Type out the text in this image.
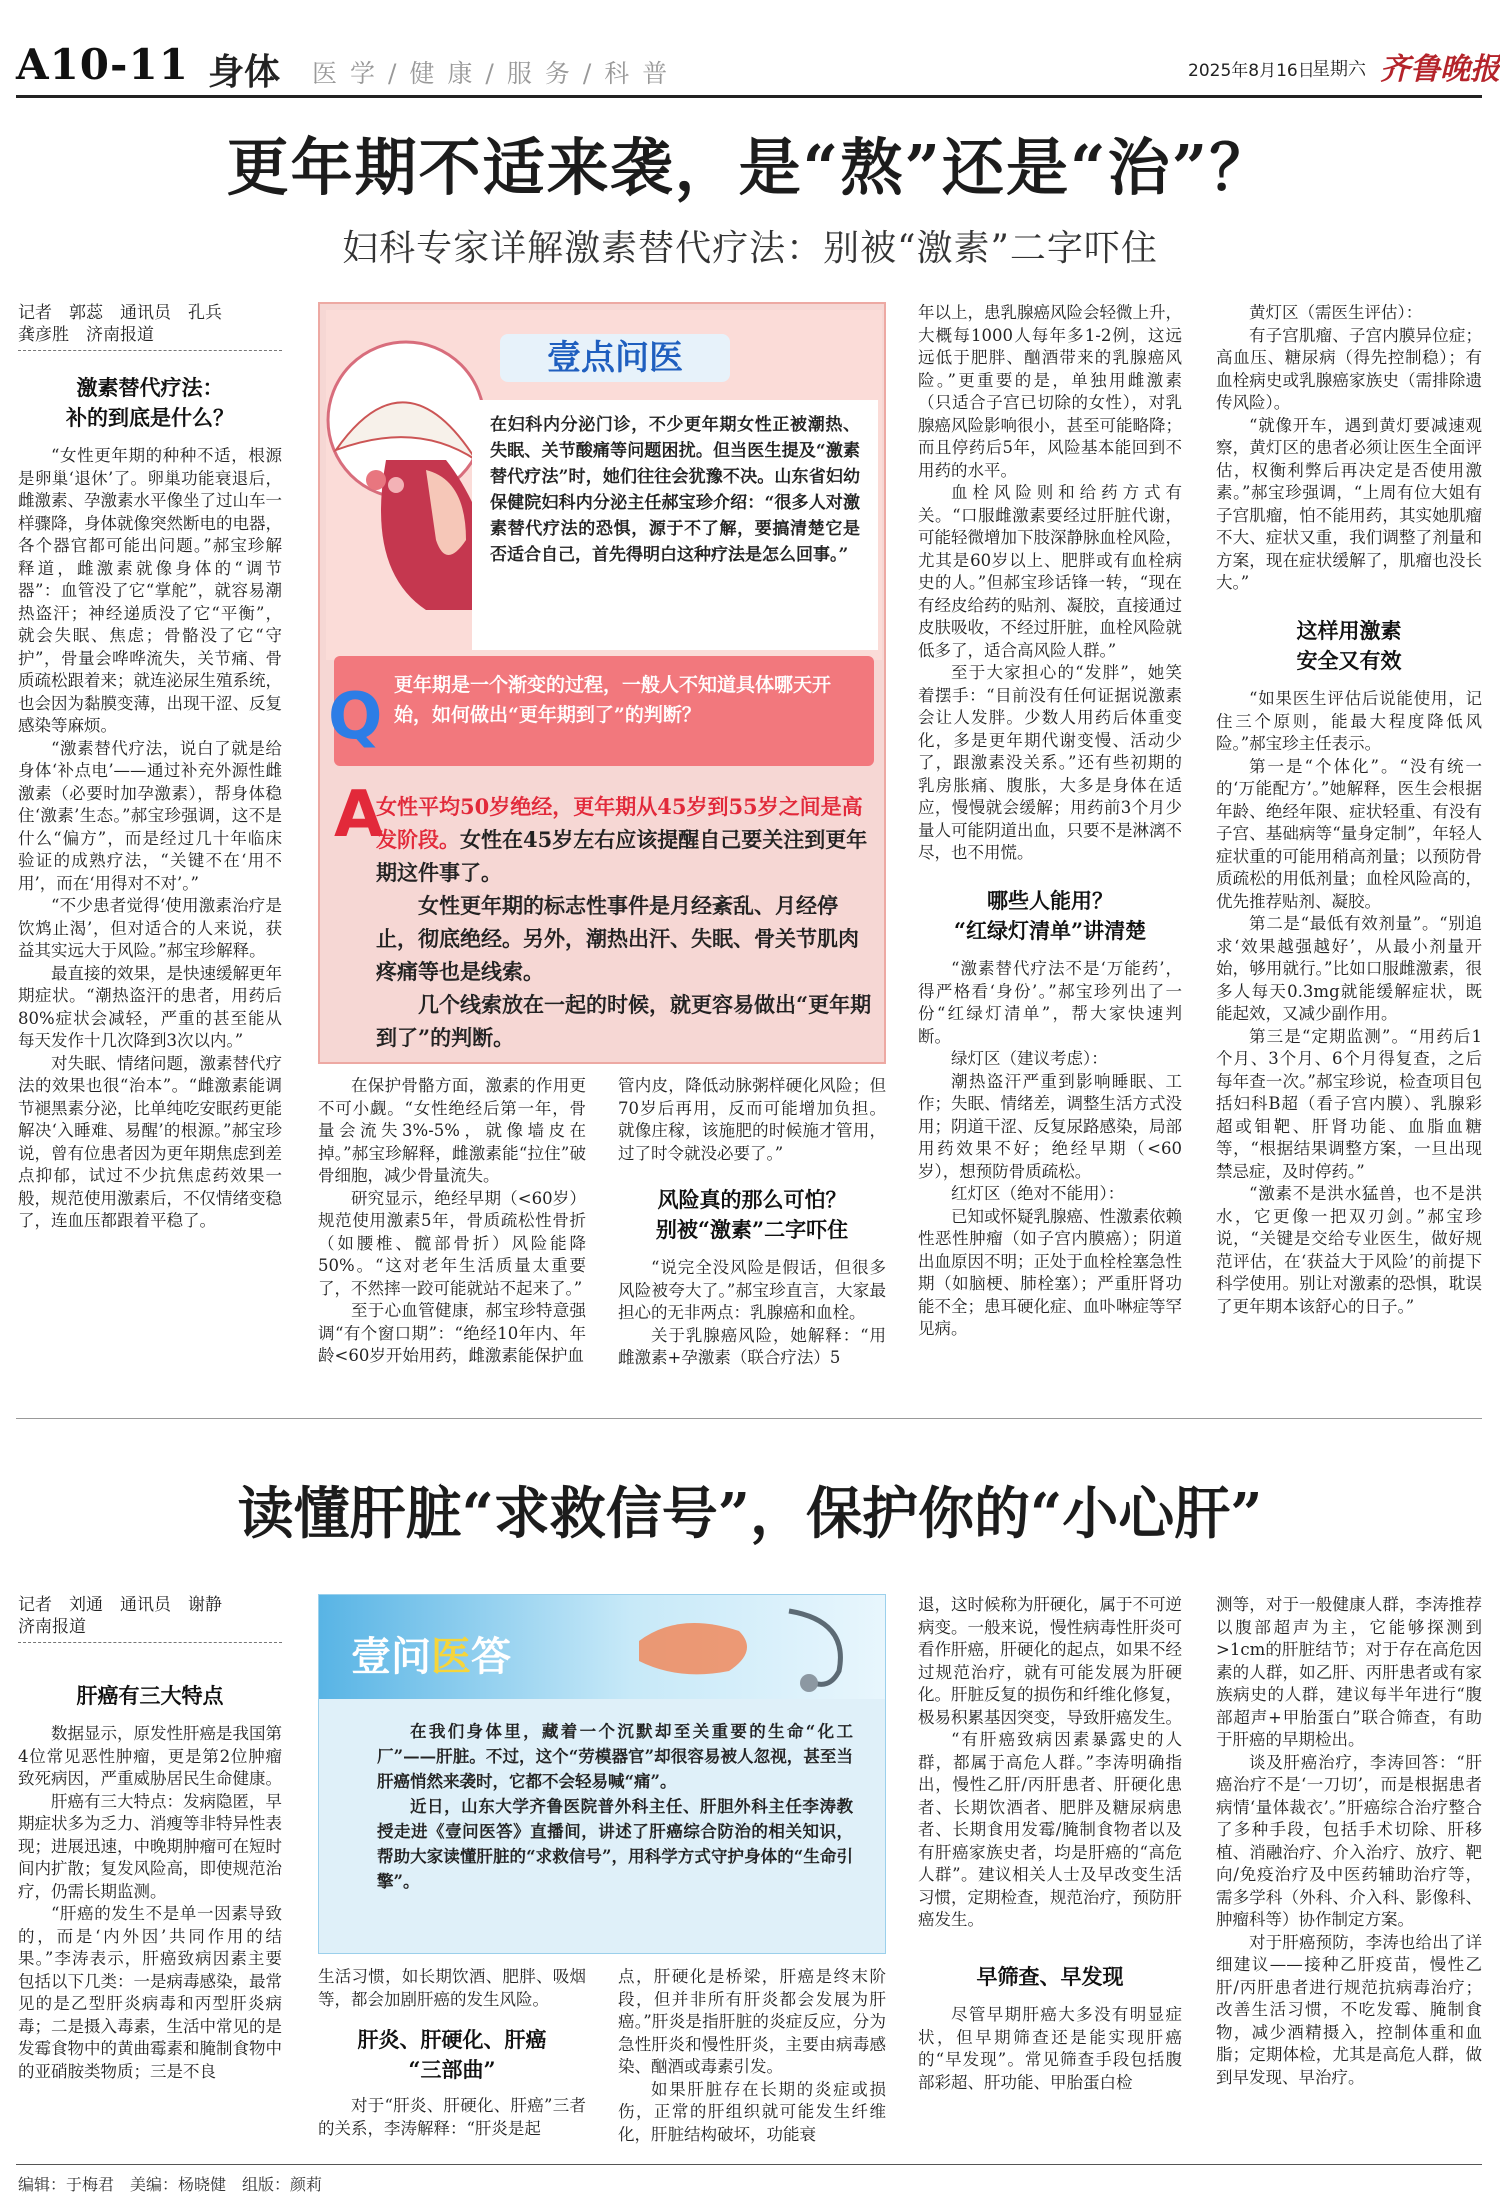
A10-11 身体 医学/健康/服务/科普	2025年8月16日
星期六 齐鲁晚报
更年期不适来袭，是“熬”还是“治”？
妇科专家详解激素替代疗法：别被“激素”二字吓住
记者　郭蕊　通讯员　孔兵
龚彦胜　济南报道
激素替代疗法：
补的到底是什么？

“女性更年期的种种不适，根源是卵巢‘退休’了。卵巢功能衰退后，雌激素、孕激素水平像坐了过山车一样骤降，身体就像突然断电的电器，各个器官都可能出问题。”郝宝珍解释道，雌激素就像身体的“调节器”：血管没了它“掌舵”，就容易潮热盗汗；神经递质没了它“平衡”，就会失眠、焦虑；骨骼没了它“守护”，骨量会哗哗流失，关节痛、骨质疏松跟着来；就连泌尿生殖系统，也会因为黏膜变薄，出现干涩、反复感染等麻烦。

“激素替代疗法，说白了就是给身体‘补点电’——通过补充外源性雌激素（必要时加孕激素），帮身体稳住‘激素’生态。”郝宝珍强调，这不是什么“偏方”，而是经过几十年临床验证的成熟疗法，“关键不在‘用不用’，而在‘用得对不对’。”

“不少患者觉得‘使用激素治疗是饮鸩止渴’，但对适合的人来说，获益其实远大于风险。”郝宝珍解释。

最直接的效果，是快速缓解更年期症状。“潮热盗汗的患者，用药后80%症状会减轻，严重的甚至能从每天发作十几次降到3次以内。”

对失眠、情绪问题，激素替代疗法的效果也很“治本”。“雌激素能调节褪黑素分泌，比单纯吃安眠药更能解决‘入睡难、易醒’的根源。”郝宝珍说，曾有位患者因为更年期焦虑到差点抑郁，试过不少抗焦虑药效果一般，规范使用激素后，不仅情绪变稳了，连血压都跟着平稳了。

壹点问医
在妇科内分泌门诊，不少更年期女性正被潮热、失眠、关节酸痛等问题困扰。但当医生提及“激素替代疗法”时，她们往往会犹豫不决。山东省妇幼保健院妇科内分泌主任郝宝珍介绍：“很多人对激素替代疗法的恐惧，源于不了解，要搞清楚它是否适合自己，首先得明白这种疗法是怎么回事。”
Q 更年期是一个渐变的过程，一般人不知道具体哪天开始，如何做出“更年期到了”的判断？
A
女性平均50岁绝经，更年期从45岁到55岁之间是高发阶段。女性在45岁左右应该提醒自己要关注到更年期这件事了。
女性更年期的标志性事件是月经紊乱、月经停止，彻底绝经。另外，潮热出汗、失眠、骨关节肌肉疼痛等也是线索。
几个线索放在一起的时候，就更容易做出“更年期到了”的判断。

在保护骨骼方面，激素的作用更不可小觑。“女性绝经后第一年，骨量会流失3%-5%，就像墙皮在掉。”郝宝珍解释，雌激素能“拉住”破骨细胞，减少骨量流失。

研究显示，绝经早期（<60岁）规范使用激素5年，骨质疏松性骨折（如腰椎、髋部骨折）风险能降50%。“这对老年生活质量太重要了，不然摔一跤可能就站不起来了。”

至于心血管健康，郝宝珍特意强调“有个窗口期”：“绝经10年内、年龄<60岁开始用药，雌激素能保护血

管内皮，降低动脉粥样硬化风险；但70岁后再用，反而可能增加负担。就像庄稼，该施肥的时候施才管用，过了时令就没必要了。”

风险真的那么可怕？
别被“激素”二字吓住

“说完全没风险是假话，但很多风险被夸大了。”郝宝珍直言，大家最担心的无非两点：乳腺癌和血栓。

关于乳腺癌风险，她解释：“用雌激素+孕激素（联合疗法）5

年以上，患乳腺癌风险会轻微上升，大概每1000人每年多1-2例，这远远低于肥胖、酗酒带来的乳腺癌风险。”更重要的是，单独用雌激素（只适合子宫已切除的女性），对乳腺癌风险影响很小，甚至可能略降；而且停药后5年，风险基本能回到不用药的水平。

血栓风险则和给药方式有关。“口服雌激素要经过肝脏代谢，可能轻微增加下肢深静脉血栓风险，尤其是60岁以上、肥胖或有血栓病史的人。”但郝宝珍话锋一转，“现在有经皮给药的贴剂、凝胶，直接通过皮肤吸收，不经过肝脏，血栓风险就低多了，适合高风险人群。”

至于大家担心的“发胖”，她笑着摆手：“目前没有任何证据说激素会让人发胖。少数人用药后体重变化，多是更年期代谢变慢、活动少了，跟激素没关系。”还有些初期的乳房胀痛、腹胀，大多是身体在适应，慢慢就会缓解；用药前3个月少量人可能阴道出血，只要不是淋漓不尽，也不用慌。

哪些人能用？
“红绿灯清单”讲清楚

“激素替代疗法不是‘万能药’，得严格看‘身份’。”郝宝珍列出了一份“红绿灯清单”，帮大家快速判断。

绿灯区（建议考虑）：

潮热盗汗严重到影响睡眠、工作；失眠、情绪差，调整生活方式没用；阴道干涩、反复尿路感染，局部用药效果不好；绝经早期（<60岁），想预防骨质疏松。

红灯区（绝对不能用）：

已知或怀疑乳腺癌、性激素依赖性恶性肿瘤（如子宫内膜癌）；阴道出血原因不明；正处于血栓栓塞急性期（如脑梗、肺栓塞）；严重肝肾功能不全；患耳硬化症、血卟啉症等罕见病。

黄灯区（需医生评估）：

有子宫肌瘤、子宫内膜异位症；高血压、糖尿病（得先控制稳）；有血栓病史或乳腺癌家族史（需排除遗传风险）。

“就像开车，遇到黄灯要减速观察，黄灯区的患者必须让医生全面评估，权衡利弊后再决定是否使用激素。”郝宝珍强调，“上周有位大姐有子宫肌瘤，怕不能用药，其实她肌瘤不大、症状又重，我们调整了剂量和方案，现在症状缓解了，肌瘤也没长大。”

这样用激素
安全又有效

“如果医生评估后说能使用，记住三个原则，能最大程度降低风险。”郝宝珍主任表示。

第一是“个体化”。“没有统一的‘万能配方’。”她解释，医生会根据年龄、绝经年限、症状轻重、有没有子宫、基础病等“量身定制”，年轻人症状重的可能用稍高剂量；以预防骨质疏松的用低剂量；血栓风险高的，优先推荐贴剂、凝胶。

第二是“最低有效剂量”。“别追求‘效果越强越好’，从最小剂量开始，够用就行。”比如口服雌激素，很多人每天0.3mg就能缓解症状，既能起效，又减少副作用。

第三是“定期监测”。“用药后1个月、3个月、6个月得复查，之后每年查一次。”郝宝珍说，检查项目包括妇科B超（看子宫内膜）、乳腺彩超或钼靶、肝肾功能、血脂血糖等，“根据结果调整方案，一旦出现禁忌症，及时停药。”

“激素不是洪水猛兽，也不是洪水，它更像一把双刃剑。”郝宝珍说，“关键是交给专业医生，做好规范评估，在‘获益大于风险’的前提下科学使用。别让对激素的恐惧，耽误了更年期本该舒心的日子。”

读懂肝脏“求救信号”，保护你的“小心肝”
记者　刘通　通讯员　谢静
济南报道
肝癌有三大特点

数据显示，原发性肝癌是我国第4位常见恶性肿瘤，更是第2位肿瘤致死病因，严重威胁居民生命健康。

肝癌有三大特点：发病隐匿，早期症状多为乏力、消瘦等非特异性表现；进展迅速，中晚期肿瘤可在短时间内扩散；复发风险高，即使规范治疗，仍需长期监测。

“肝癌的发生不是单一因素导致的，而是‘内外因’共同作用的结果。”李涛表示，肝癌致病因素主要包括以下几类：一是病毒感染，最常见的是乙型肝炎病毒和丙型肝炎病毒；二是摄入毒素，生活中常见的是发霉食物中的黄曲霉素和腌制食物中的亚硝胺类物质；三是不良

壹问医答
在我们身体里，藏着一个沉默却至关重要的生命“化工厂”——肝脏。不过，这个“劳模器官”却很容易被人忽视，甚至当肝癌悄然来袭时，它都不会轻易喊“痛”。
近日，山东大学齐鲁医院普外科主任、肝胆外科主任李涛教授走进《壹问医答》直播间，讲述了肝癌综合防治的相关知识，帮助大家读懂肝脏的“求救信号”，用科学方式守护身体的“生命引擎”。

生活习惯，如长期饮酒、肥胖、吸烟等，都会加剧肝癌的发生风险。

肝炎、肝硬化、肝癌
“三部曲”

对于“肝炎、肝硬化、肝癌”三者的关系，李涛解释：“肝炎是起

点，肝硬化是桥梁，肝癌是终末阶段，但并非所有肝炎都会发展为肝癌。”肝炎是指肝脏的炎症反应，分为急性肝炎和慢性肝炎，主要由病毒感染、酗酒或毒素引发。

如果肝脏存在长期的炎症或损伤，正常的肝组织就可能发生纤维化，肝脏结构破坏，功能衰

退，这时候称为肝硬化，属于不可逆病变。一般来说，慢性病毒性肝炎可看作肝癌，肝硬化的起点，如果不经过规范治疗，就有可能发展为肝硬化。肝脏反复的损伤和纤维化修复，极易积累基因突变，导致肝癌发生。

“有肝癌致病因素暴露史的人群，都属于高危人群。”李涛明确指出，慢性乙肝/丙肝患者、肝硬化患者、长期饮酒者、肥胖及糖尿病患者、长期食用发霉/腌制食物者以及有肝癌家族史者，均是肝癌的“高危人群”。建议相关人士及早改变生活习惯，定期检查，规范治疗，预防肝癌发生。

早筛查、早发现

尽管早期肝癌大多没有明显症状，但早期筛查还是能实现肝癌的“早发现”。常见筛查手段包括腹部彩超、肝功能、甲胎蛋白检

测等，对于一般健康人群，李涛推荐以腹部超声为主，它能够探测到>1cm的肝脏结节；对于存在高危因素的人群，如乙肝、丙肝患者或有家族病史的人群，建议每半年进行“腹部超声+甲胎蛋白”联合筛查，有助于肝癌的早期检出。

谈及肝癌治疗，李涛回答：“肝癌治疗不是‘一刀切’，而是根据患者病情‘量体裁衣’。”肝癌综合治疗整合了多种手段，包括手术切除、肝移植、消融治疗、介入治疗、放疗、靶向/免疫治疗及中医药辅助治疗等，需多学科（外科、介入科、影像科、肿瘤科等）协作制定方案。

对于肝癌预防，李涛也给出了详细建议——接种乙肝疫苗，慢性乙肝/丙肝患者进行规范抗病毒治疗；改善生活习惯，不吃发霉、腌制食物，减少酒精摄入，控制体重和血脂；定期体检，尤其是高危人群，做到早发现、早治疗。

编辑：于梅君　美编：杨晓健　组版：颜莉
